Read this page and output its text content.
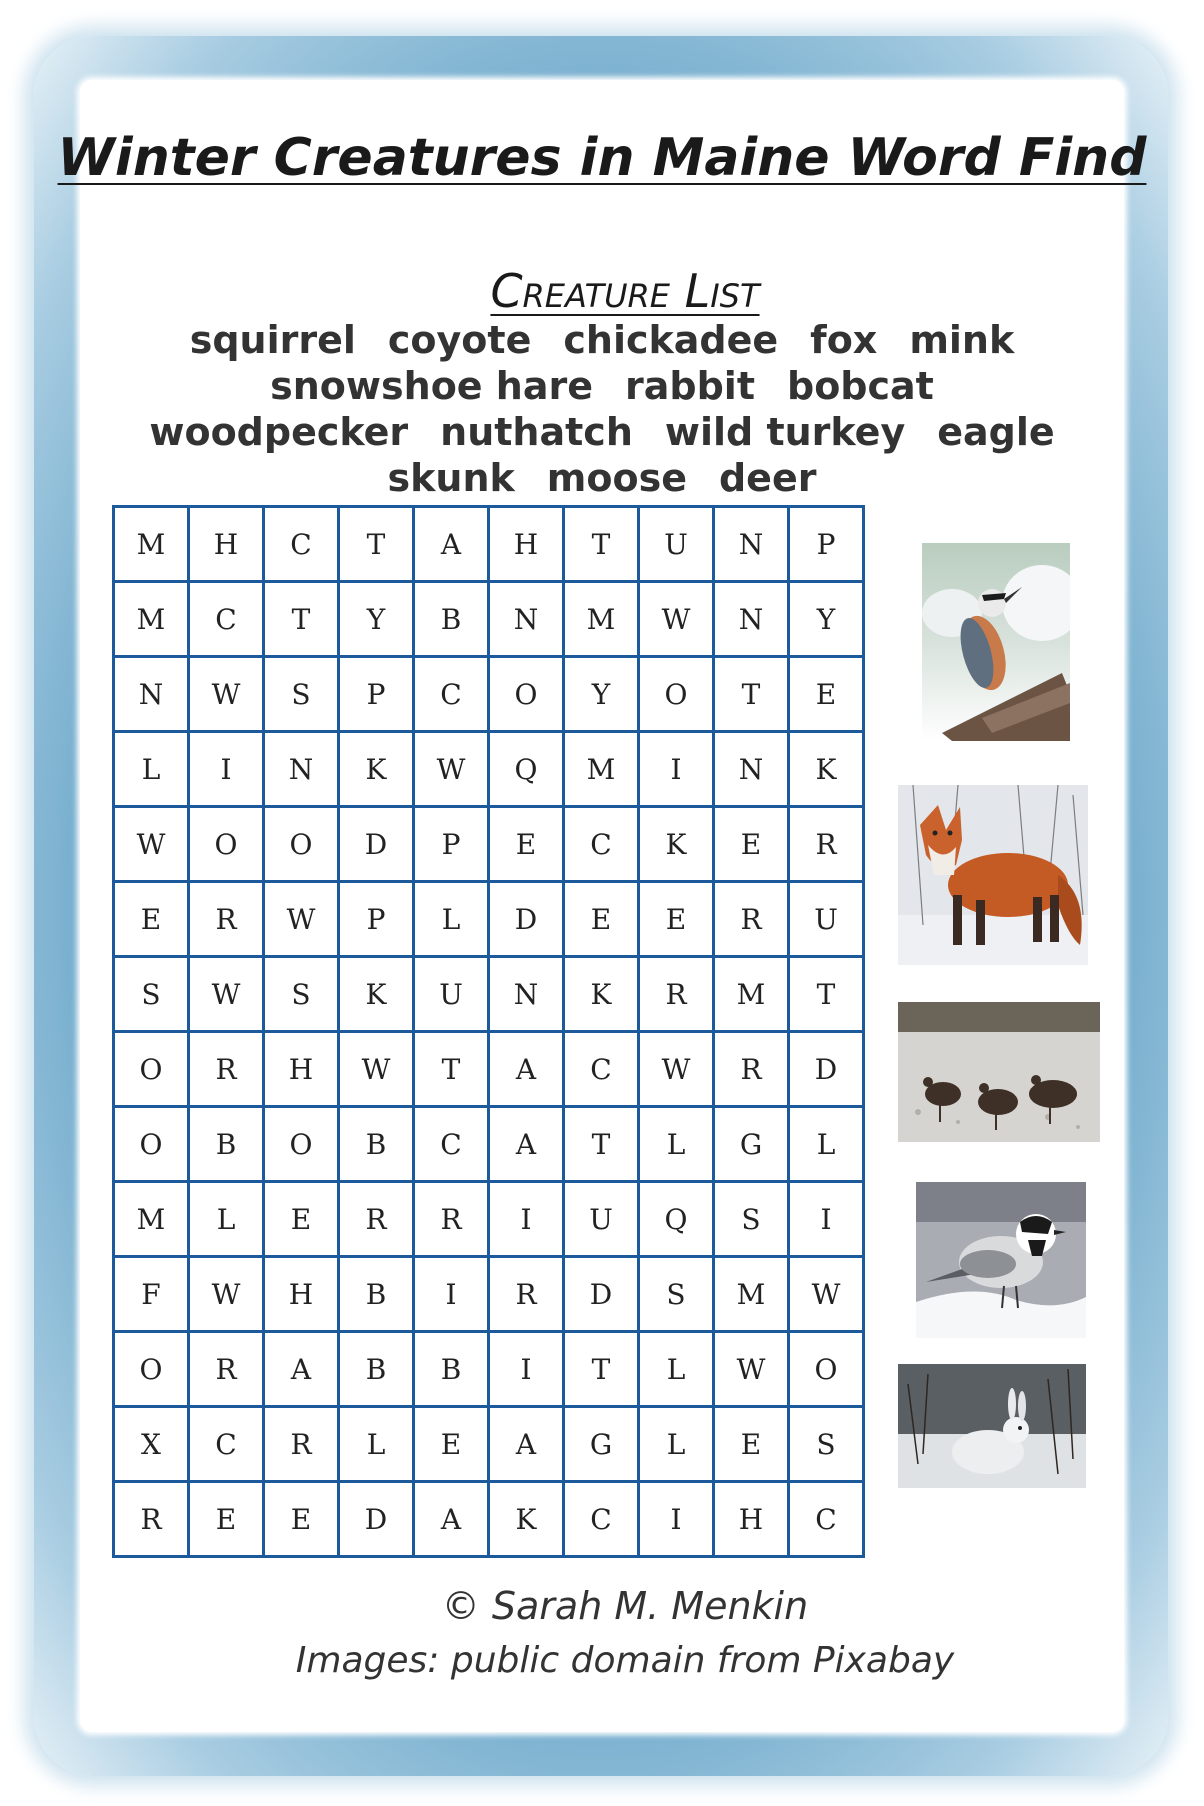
Winter Creatures in Maine Word Find
Creature List
squirrel coyote chickadee fox mink
snowshoe hare rabbit bobcat
woodpecker nuthatch wild turkey eagle
skunk moose deer
M	H	C	T	A	H	T	U	N	P
M	C	T	Y	B	N	M	W	N	Y
N	W	S	P	C	O	Y	O	T	E
L	I	N	K	W	Q	M	I	N	K
W	O	O	D	P	E	C	K	E	R
E	R	W	P	L	D	E	E	R	U
S	W	S	K	U	N	K	R	M	T
O	R	H	W	T	A	C	W	R	D
O	B	O	B	C	A	T	L	G	L
M	L	E	R	R	I	U	Q	S	I
F	W	H	B	I	R	D	S	M	W
O	R	A	B	B	I	T	L	W	O
X	C	R	L	E	A	G	L	E	S
R	E	E	D	A	K	C	I	H	C
© Sarah M. Menkin
Images: public domain from Pixabay
